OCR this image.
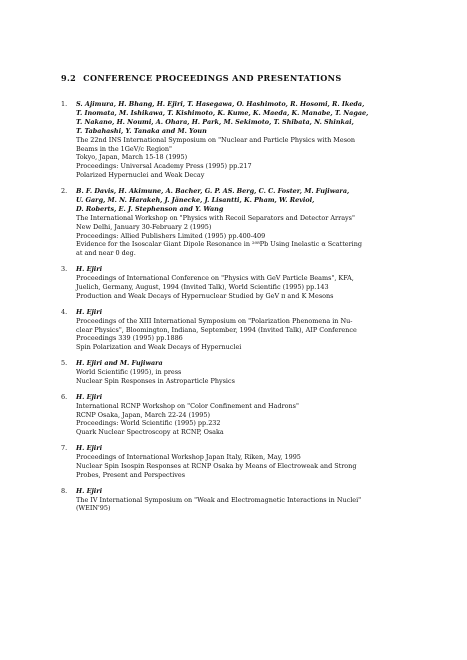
9.2 CONFERENCE PROCEEDINGS AND PRESENTATIONS
1. S. Ajimura, H. Bhang, H. Ejiri, T. Hasegawa, O. Hashimoto, R. Hosomi, R. Ikeda,
T. Inomata, M. Ishikawa, T. Kishimoto, K. Kume, K. Maeda, K. Manabe, T. Nagae,
T. Nakano, H. Noumi, A. Ohara, H. Park, M. Sekimoto, T. Shibata, N. Shinkai,
T. Tabahashi, Y. Tanaka and M. Youn
The 22nd INS International Symposium on "Nuclear and Particle Physics with Meson
Beams in the 1GeV/c Region"
Tokyo, Japan, March 15-18 (1995)
Proceedings: Universal Academy Press (1995) pp.217
Polarized Hypernuclei and Weak Decay
2. B. F. Davis, H. Akimune, A. Bacher, G. P. AS. Berg, C. C. Foster, M. Fujiwara,
U. Garg, M. N. Harakeh, J. Jänecke, J. Lisantti, K. Pham, W. Reviol,
D. Roberts, E. J. Stephenson and Y. Wang
The International Workshop on "Physics with Recoil Separators and Detector Arrays"
New Delhi, January 30-February 2 (1995)
Proceedings: Allied Publishers Limited (1995) pp.400-409
Evidence for the Isoscalar Giant Dipole Resonance in ²⁰⁸Pb Using Inelastic α Scattering
at and near 0 deg.
3. H. Ejiri
Proceedings of International Conference on "Physics with GeV Particle Beams", KFA,
Juelich, Germany, August, 1994 (Invited Talk), World Scientific (1995) pp.143
Production and Weak Decays of Hypernuclear Studied by GeV π and K Mesons
4. H. Ejiri
Proceedings of the XIII International Symposium on "Polarization Phenomena in Nu-
clear Physics", Bloomington, Indiana, September, 1994 (Invited Talk), AIP Conference
Proceedings 339 (1995) pp.1886
Spin Polarization and Weak Decays of Hypernuclei
5. H. Ejiri and M. Fujiwara
World Scientific (1995), in press
Nuclear Spin Responses in Astroparticle Physics
6. H. Ejiri
International RCNP Workshop on "Color Confinement and Hadrons"
RCNP Osaka, Japan, March 22-24 (1995)
Proceedings: World Scientific (1995) pp.232
Quark Nuclear Spectroscopy at RCNP, Osaka
7. H. Ejiri
Proceedings of International Workshop Japan Italy, Riken, May, 1995
Nuclear Spin Isospin Responses at RCNP Osaka by Means of Electroweak and Strong
Probes, Present and Perspectives
8. H. Ejiri
The IV International Symposium on "Weak and Electromagnetic Interactions in Nuclei"
(WEIN'95)
